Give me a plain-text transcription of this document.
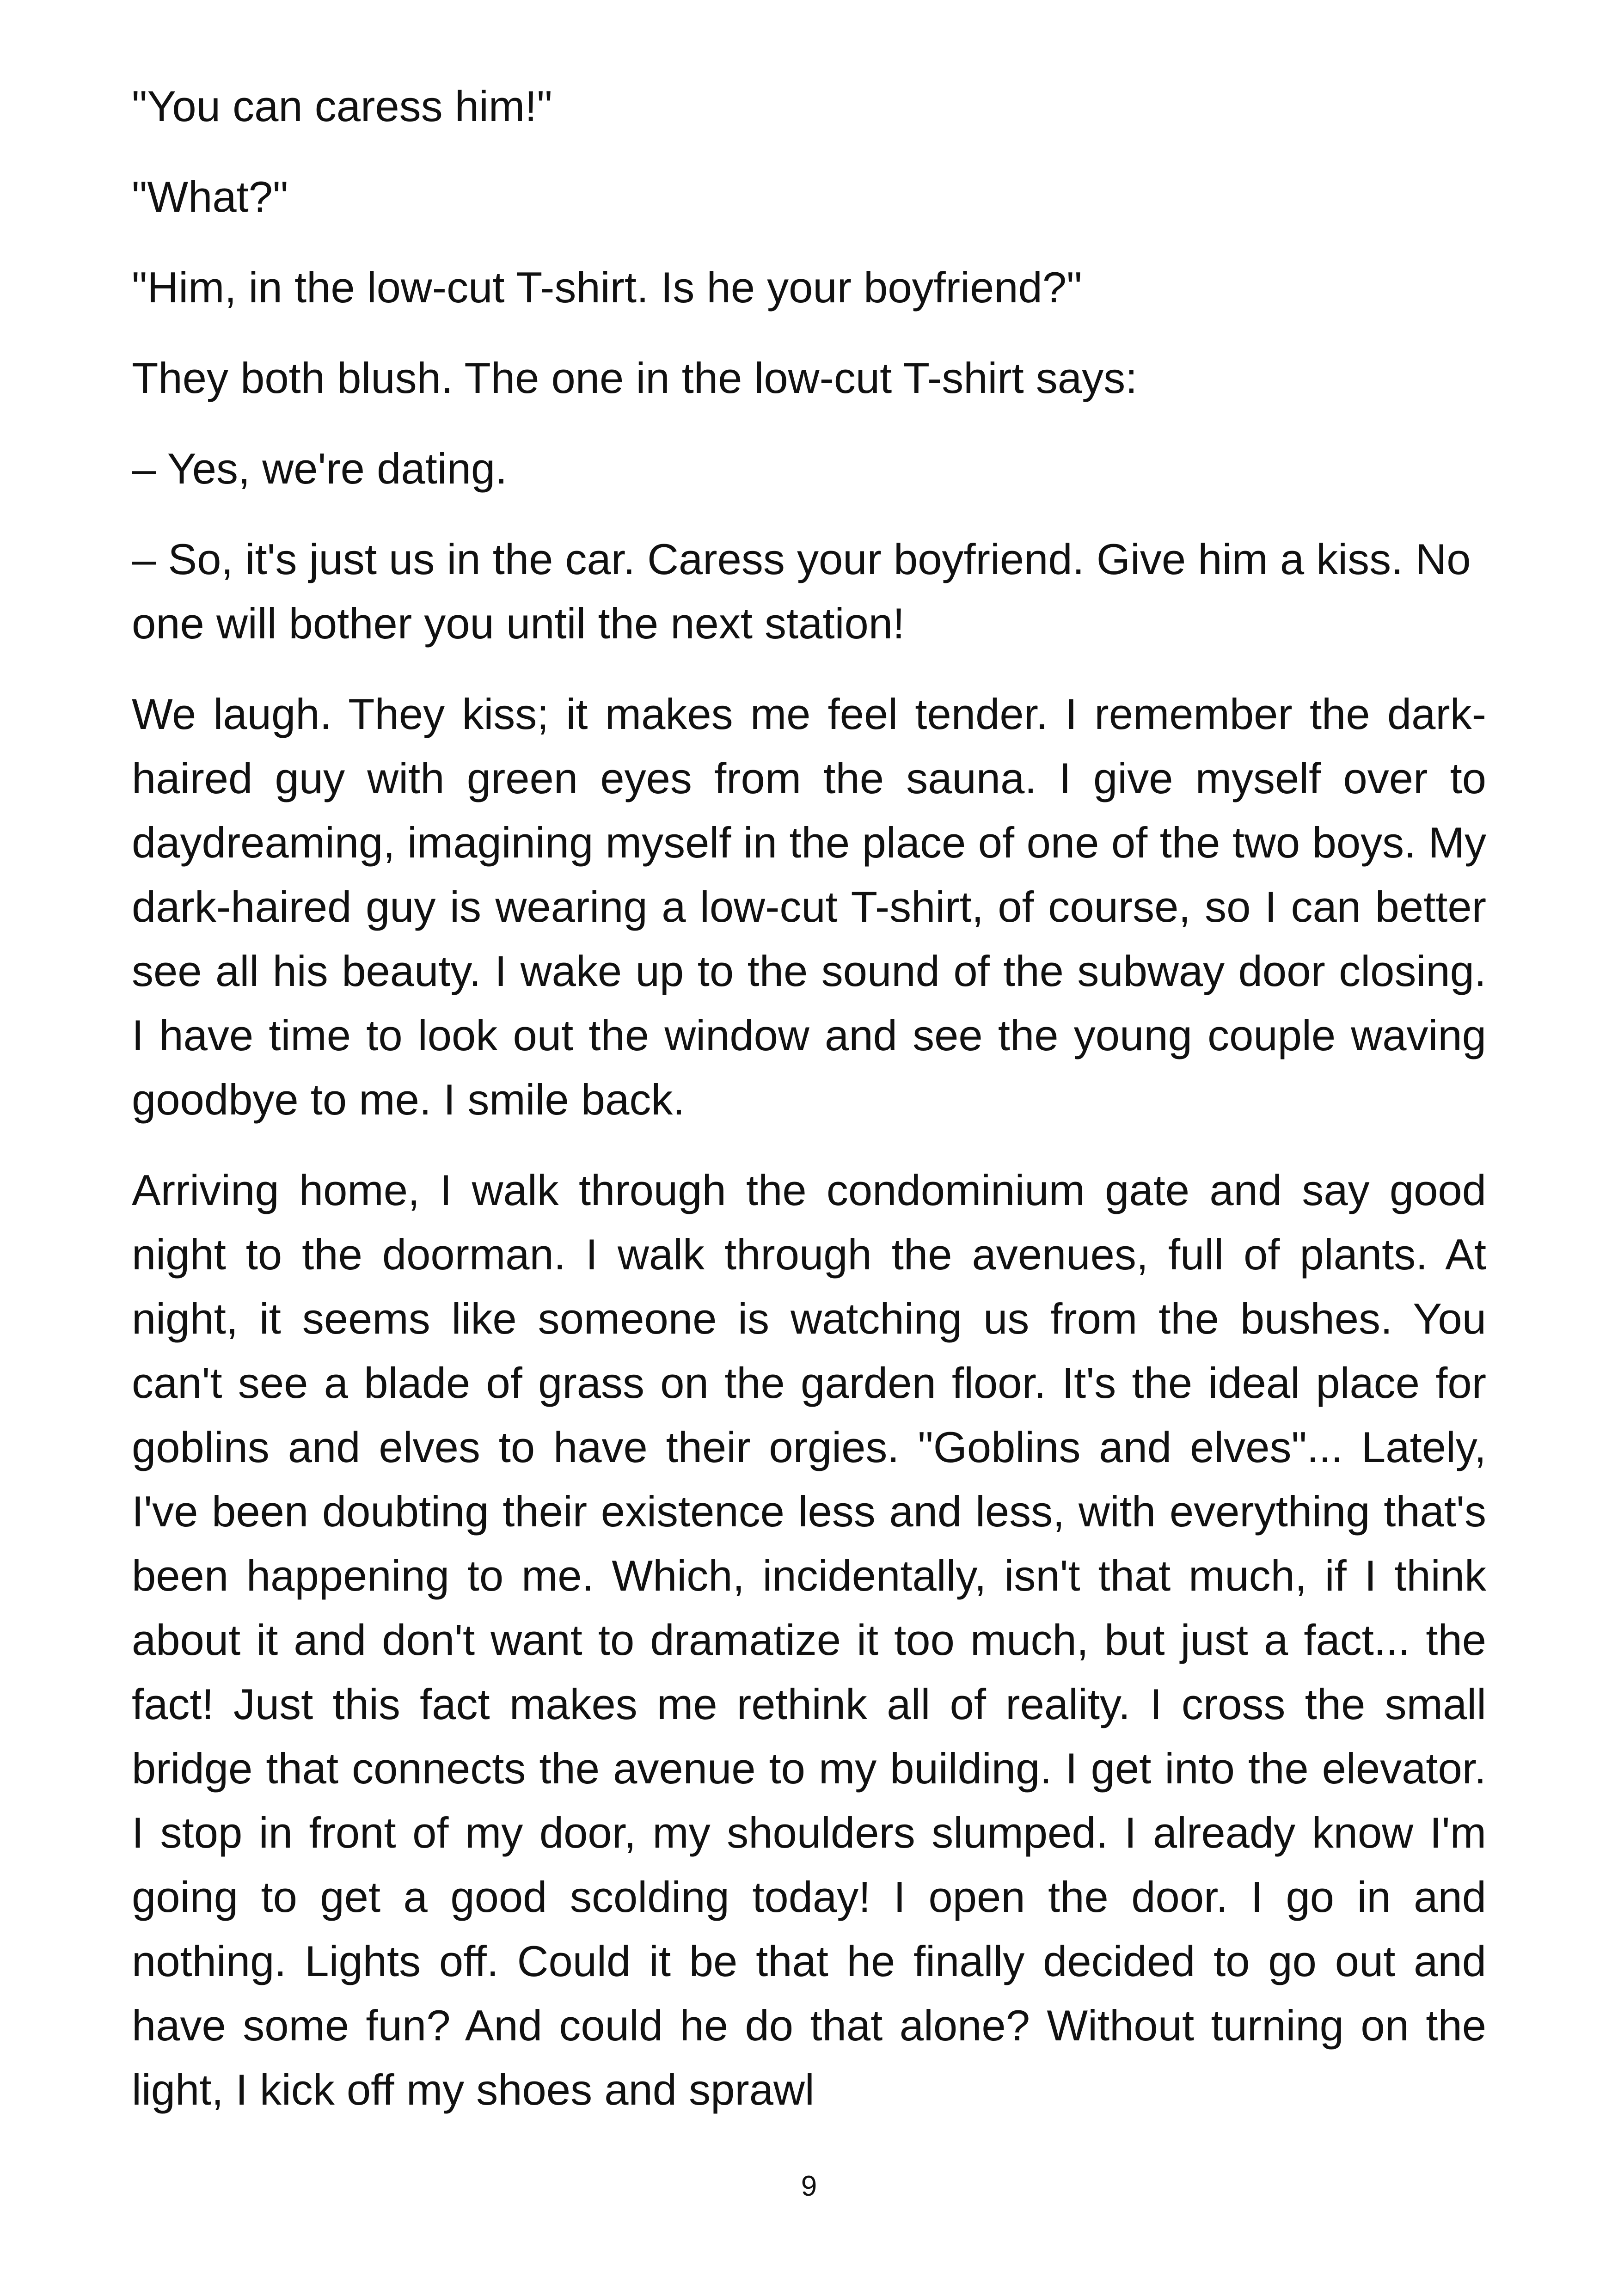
"You can caress him!"

"What?"

"Him, in the low-cut T-shirt. Is he your boyfriend?"

They both blush. The one in the low-cut T-shirt says:

– Yes, we're dating.

– So, it's just us in the car. Caress your boyfriend. Give him a kiss. No one will bother you until the next station!

We laugh. They kiss; it makes me feel tender. I remember the dark-haired guy with green eyes from the sauna. I give myself over to daydreaming, imagining myself in the place of one of the two boys. My dark-haired guy is wearing a low-cut T-shirt, of course, so I can better see all his beauty. I wake up to the sound of the subway door closing. I have time to look out the window and see the young couple waving goodbye to me. I smile back.

Arriving home, I walk through the condominium gate and say good night to the doorman. I walk through the avenues, full of plants. At night, it seems like someone is watching us from the bushes. You can't see a blade of grass on the garden floor. It's the ideal place for goblins and elves to have their orgies. "Goblins and elves"... Lately, I've been doubting their existence less and less, with everything that's been happening to me. Which, incidentally, isn't that much, if I think about it and don't want to dramatize it too much, but just a fact... the fact! Just this fact makes me rethink all of reality. I cross the small bridge that connects the avenue to my building. I get into the elevator. I stop in front of my door, my shoulders slumped. I already know I'm going to get a good scolding today! I open the door. I go in and nothing. Lights off. Could it be that he finally decided to go out and have some fun? And could he do that alone? Without turning on the light, I kick off my shoes and sprawl

9
